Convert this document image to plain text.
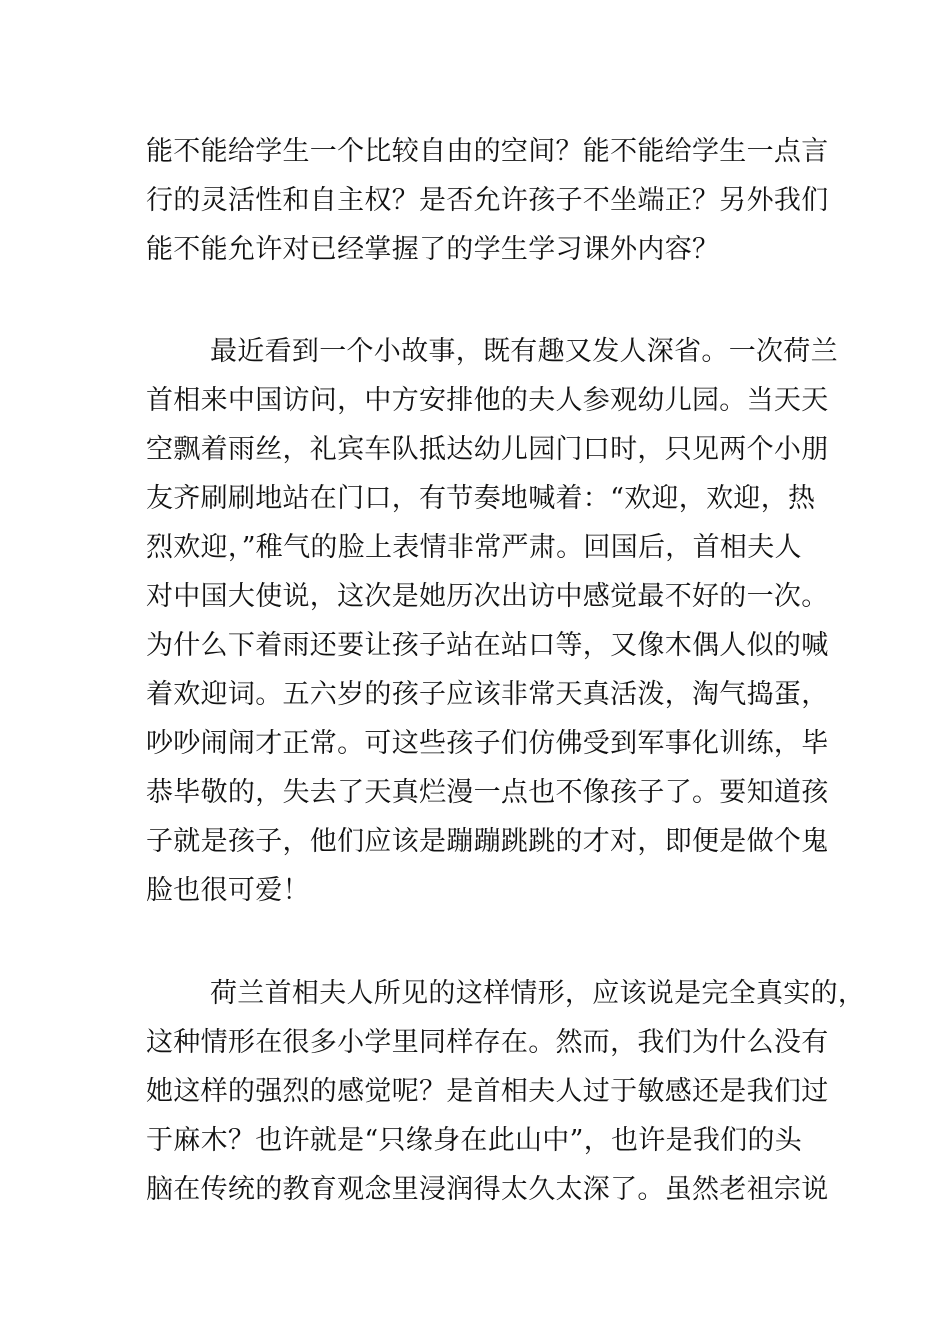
能不能给学生一个比较自由的空间？能不能给学生一点言
行的灵活性和自主权？是否允许孩子不坐端正？另外我们
能不能允许对已经掌握了的学生学习课外内容？
最近看到一个小故事，既有趣又发人深省。一次荷兰
首相来中国访问，中方安排他的夫人参观幼儿园。当天天
空飘着雨丝，礼宾车队抵达幼儿园门口时，只见两个小朋
友齐刷刷地站在门口，有节奏地喊着：“欢迎，欢迎，热
烈欢迎，”稚气的脸上表情非常严肃。回国后，首相夫人
对中国大使说，这次是她历次出访中感觉最不好的一次。
为什么下着雨还要让孩子站在站口等，又像木偶人似的喊
着欢迎词。五六岁的孩子应该非常天真活泼，淘气捣蛋，
吵吵闹闹才正常。可这些孩子们仿佛受到军事化训练，毕
恭毕敬的，失去了天真烂漫一点也不像孩子了。要知道孩
子就是孩子，他们应该是蹦蹦跳跳的才对，即便是做个鬼
脸也很可爱！
荷兰首相夫人所见的这样情形，应该说是完全真实的，
这种情形在很多小学里同样存在。然而，我们为什么没有
她这样的强烈的感觉呢？是首相夫人过于敏感还是我们过
于麻木？也许就是“只缘身在此山中”，也许是我们的头
脑在传统的教育观念里浸润得太久太深了。虽然老祖宗说
